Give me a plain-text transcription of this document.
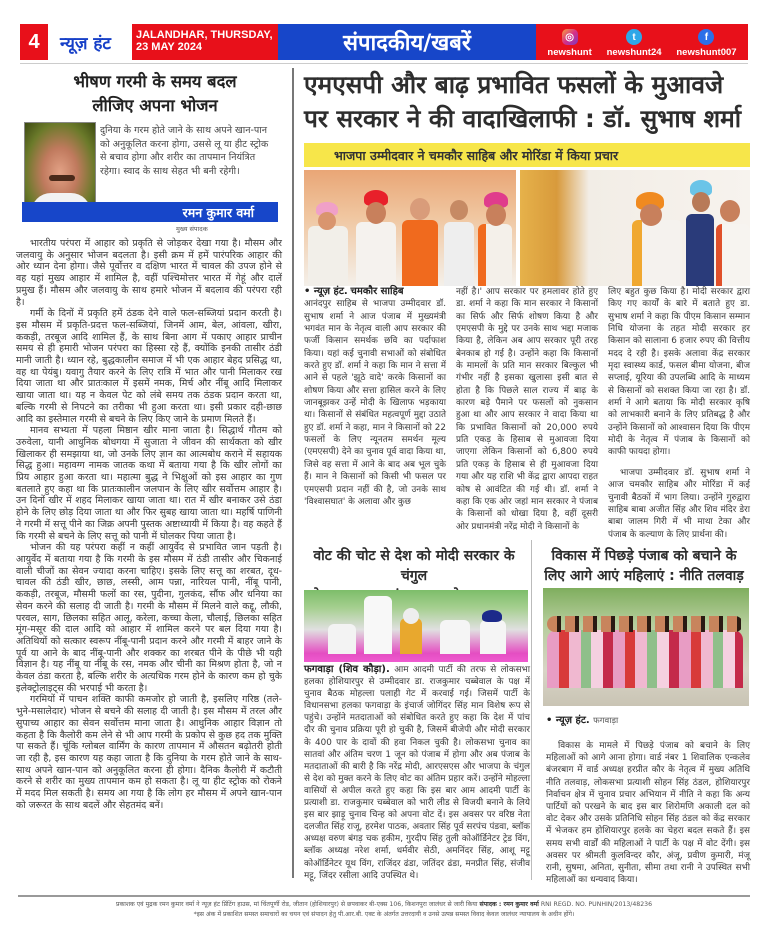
4	न्यूज़ हंट	JALANDHAR, THURSDAY,
23 MAY 2024	संपादकीय/खबरें	◎
newshunt
t
newshunt24
f
newshunt007
भीषण गरमी के समय बदल
लीजिए अपना भोजन
दुनिया के गरम होते जाने के साथ अपने खान-पान को अनुकूलित करना होगा, उससे लू या हीट स्ट्रोक से बचाव होगा और शरीर का तापमान नियंत्रित रहेगा। स्वाद के साथ सेहत भी बनी रहेगी।
रमन कुमार वर्मा
मुख्य संपादक

भारतीय परंपरा में आहार को प्रकृति से जोड़कर देखा गया है। मौसम और जलवायु के अनुसार भोजन बदलता है। इसी क्रम में हमें पारंपरिक आहार की ओर ध्यान देना होगा। जैसे पूर्वोत्तर व दक्षिण भारत में चावल की उपज होने से वह यहां मुख्य आहार में शामिल है, वहीं पश्चिमोत्तर भारत में गेहूं और दालें प्रमुख हैं। मौसम और जलवायु के साथ हमारे भोजन में बदलाव की परंपरा रही है।

गर्मी के दिनों में प्रकृति हमें ठंडक देने वाले फल-सब्जियां प्रदान करती है। इस मौसम में प्रकृति-प्रदत्त फल-सब्जियां, जिनमें आम, बेल, आंवला, खीरा, ककड़ी, तरबूज आदि शामिल हैं, के साथ बिना आग में पकाए आहार प्राचीन समय से ही हमारी भोजन परंपरा का हिस्सा रहे हैं, क्योंकि इनकी तासीर ठंडी मानी जाती है। ध्यान रहे, बुद्धकालीन समाज में भी एक आहार बेहद प्रसिद्ध था, वह था पेयंबु। यवागु तैयार करने के लिए रात्रि में भात और पानी मिलाकर रख दिया जाता था और प्रातःकाल में इसमें नमक, मिर्च और नींबू आदि मिलाकर खाया जाता था। यह न केवल पेट को लंबे समय तक ठंडक प्रदान करता था, बल्कि गरमी से निपटने का तरीका भी हुआ करता था। इसी प्रकार दही-छाछ आदि का इस्तेमाल गरमी से बचने के लिए किए जाने के प्रमाण मिलते हैं।

मानव सभ्यता में पहला मिष्ठान खीर माना जाता है। सिद्धार्थ गौतम को उरुवेला, यानी आधुनिक बोधगया में सुजाता ने जीवन की सार्थकता को खीर खिलाकर ही समझाया था, जो उनके लिए ज्ञान का आत्मबोध कराने में सहायक सिद्ध हुआ। महावग्ग नामक जातक कथा में बताया गया है कि खीर लोगों का प्रिय आहार हुआ करता था। महात्मा बुद्ध ने भिक्षुओं को इस आहार का गुण बतलाते हुए कहा था कि प्रातःकालीन जलपान के लिए खीर सर्वोत्तम आहार है। उन दिनों खीर में शहद मिलाकर खाया जाता था। रात में खीर बनाकर उसे ठंडा होने के लिए छोड़ दिया जाता था और फिर सुबह खाया जाता था। महर्षि पाणिनी ने गरमी में सत्तू पीने का जिक्र अपनी पुस्तक अष्टाध्यायी में किया है। वह कहते हैं कि गरमी से बचने के लिए सत्तू को पानी में घोलकर पिया जाता है।

भोजन की यह परंपरा कहीं न कहीं आयुर्वेद से प्रभावित जान पड़ती है। आयुर्वेद में बताया गया है कि गरमी के इस मौसम में ठंडी तासीर और चिकनाई वाली चीजों का सेवन ज्यादा करना चाहिए। इसके लिए सत्तू का शरबत, दूध-चावल की ठंडी खीर, छाछ, लस्सी, आम पन्ना, नारियल पानी, नींबू पानी, ककड़ी, तरबूज, मौसमी फलों का रस, पुदीना, गुलकंद, सौंफ और धनिया का सेवन करने की सलाह दी जाती है। गरमी के मौसम में मिलने वाले कद्दू, लौकी, परवल, साग, छिलका सहित आलू, करेला, कच्चा केला, चौलाई, छिलका सहित मूंग-मसूर की दाल आदि को आहार में शामिल करने पर बल दिया गया है। अतिथियों को सत्कार स्वरूप नींबू-पानी प्रदान करने और गरमी में बाहर जाने के पूर्व या आने के बाद नींबू-पानी और शक्कर का शरबत पीने के पीछे भी यही विज्ञान है। यह नींबू या नींबू के रस, नमक और चीनी का मिश्रण होता है, जो न केवल ठंडा करता है, बल्कि शरीर के अत्यधिक गरम होने के कारण कम हो चुके इलेक्ट्रोलाइट्स की भरपाई भी करता है।

गरमियों में पाचन शक्ति काफी कमजोर हो जाती है, इसलिए गरिष्ठ (तले-भुने-मसालेदार) भोजन से बचने की सलाह दी जाती है। इस मौसम में तरल और सुपाच्य आहार का सेवन सर्वोत्तम माना जाता है। आधुनिक आहार विज्ञान तो कहता है कि कैलोरी कम लेने से भी आप गरमी के प्रकोप से कुछ हद तक मुक्ति पा सकते हैं। चूंकि ग्लोबल वार्मिंग के कारण तापमान में औसतन बढ़ोतरी होती जा रही है, इस कारण यह कहा जाता है कि दुनिया के गरम होते जाने के साथ-साथ अपने खान-पान को अनुकूलित करना ही होगा। दैनिक कैलोरी में कटौती करने से शरीर का मुख्य तापमान कम हो सकता है। लू या हीट स्ट्रोक को रोकने में मदद मिल सकती है। समय आ गया है कि लोग हर मौसम में अपने खान-पान को जरूरत के साथ बदलें और सेहतमंद बनें।

एमएसपी और बाढ़ प्रभावित फसलों के मुआवजे
पर सरकार ने की वादाखिलाफी : डॉ. सुभाष शर्मा
भाजपा उम्मीदवार ने चमकौर साहिब और मोरिंडा में किया प्रचार
• न्यूज़ हंट. चमकौर साहिब
आनंदपुर साहिब से भाजपा उम्मीदवार डॉ. सुभाष शर्मा ने आज पंजाब में मुख्यमंत्री भगवंत मान के नेतृत्व वाली आप सरकार की फर्जी किसान समर्थक छवि का पर्दाफाश किया। यहां कई चुनावी सभाओं को संबोधित करते हुए डॉ. शर्मा ने कहा कि मान ने सत्ता में आने से पहले 'झूठे वादे' करके किसानों का शोषण किया और सत्ता हासिल करने के लिए जानबूझकर उन्हें मोदी के खिलाफ भड़काया था। किसानों से संबंधित महत्वपूर्ण मुद्दा उठाते हुए डॉ. शर्मा ने कहा, मान ने किसानों को 22 फसलों के लिए न्यूनतम समर्थन मूल्य (एमएसपी) देने का चुनाव पूर्व वादा किया था, जिसे वह सत्ता में आने के बाद अब भूल चुके हैं। मान ने किसानों को किसी भी फसल पर एमएसपी प्रदान नहीं की है, जो उनके साथ 'विश्वासघात' के अलावा और कुछ
नहीं है।' आप सरकार पर हमलावर होते हुए डा. शर्मा ने कहा कि मान सरकार ने किसानों का सिर्फ और सिर्फ शोषण किया है और एमएसपी के मुद्दे पर उनके साथ भद्दा मजाक किया है, लेकिन अब आप सरकार पूरी तरह बेनकाब हो गई है। उन्होंने कहा कि किसानों के मामलों के प्रति मान सरकार बिल्कुल भी गंभीर नहीं है इसका खुलासा इसी बात से होता है कि पिछले साल राज्य में बाढ़ के कारण बड़े पैमाने पर फसलों को नुकसान हुआ था और आप सरकार ने वादा किया था कि प्रभावित किसानों को 20,000 रुपये प्रति एकड़ के हिसाब से मुआवजा दिया जाएगा लेकिन किसानों को 6,800 रुपये प्रति एकड़ के हिसाब से ही मुआवजा दिया गया और यह राशि भी केंद्र द्वारा आपदा राहत कोष से आवंटित की गई थी। डॉ. शर्मा ने कहा कि एक ओर जहां मान सरकार ने पंजाब के किसानों को धोखा दिया है, वहीं दूसरी ओर प्रधानमंत्री नरेंद्र मोदी ने किसानों के
लिए बहुत कुछ किया है। मोदी सरकार द्वारा किए गए कार्यों के बारे में बताते हुए डा. सुभाष शर्मा ने कहा कि पीएम किसान सम्मान निधि योजना के तहत मोदी सरकार हर किसान को सालाना 6 हजार रुपए की वित्तीय मदद दे रही है। इसके अलावा केंद्र सरकार मृदा स्वास्थ्य कार्ड, फसल बीमा योजना, बीज सप्लाई, यूरिया की उपलब्धि आदि के माध्यम से किसानों को सशक्त किया जा रहा है। डॉ. शर्मा ने आगे बताया कि मोदी सरकार कृषि को लाभकारी बनाने के लिए प्रतिबद्ध है और उन्होंने किसानों को आश्वासन दिया कि पीएम मोदी के नेतृत्व में पंजाब के किसानों को काफी फायदा होगा।
भाजपा उम्मीदवार डॉ. सुभाष शर्मा ने आज चमकौर साहिब और मोरिंडा में कई चुनावी बैठकों में भाग लिया। उन्होंने गुरुद्वारा साहिब बाबा अजीत सिंह और शिव मंदिर डेरा बाबा जालम गिरी में भी माथा टेका और पंजाब के कल्याण के लिए प्रार्थना की।
वोट की चोट से देश को मोदी सरकार के चंगुल
फगवाड़ा (शिव कौड़ा). आम आदमी पार्टी की तरफ से लोकसभा हलका होशियारपुर से उम्मीदवार डा. राजकुमार चब्बेवाल के पक्ष में चुनाव बैठक मोहल्ला पलाही गेट में करवाई गई। जिसमें पार्टी के विधानसभा हलका फगवाड़ा के इंचार्ज जोगिंदर सिंह मान विशेष रूप से पहुंचे। उन्होंने मतदाताओं को संबोधित करते हुए कहा कि देश में पांच दौर की चुनाव प्रक्रिया पूरी हो चुकी है, जिसमें बीजेपी और मोदी सरकार के 400 पार के दावों की हवा निकल चुकी है। लोकसभा चुनाव का सातवां और अंतिम चरण 1 जून को पंजाब में होगा और अब पंजाब के मतदाताओं की बारी है कि नरेंद्र मोदी, आरएसएस और भाजपा के चंगुल से देश को मुक्त करने के लिए वोट का अंतिम प्रहार करें। उन्होंने मोहल्ला वासियों से अपील करते हुए कहा कि इस बार आम आदमी पार्टी के प्रत्याशी डा. राजकुमार चब्बेवाल को भारी लीड से विजयी बनाने के लिये इस बार झाड़ू चुनाव चिन्ह को अपना वोट दें। इस अवसर पर वरिष्ठ नेता दलजीत सिंह राजू, हरमेश पाठक, अवतार सिंह पूर्व सरपंच पंडवा, ब्लॉक अध्यक्ष वरुण बंगड़ चक हकीम, गुरदीप सिंह तुली कोऑर्डिनेटर ट्रेड विंग, ब्लॉक अध्यक्ष नरेश शर्मा, धर्मवीर सेठी, अमनिंदर सिंह, आशू मट्टू कोऑर्डिनेटर यूथ विंग, राजिंदर ढंडा, जतिंदर ढंडा, मनप्रीत सिंह, संजीव मट्टू, जिंदर रसीला आदि उपस्थित थे।
विकास में पिछड़े पंजाब को बचाने के
लिए आगे आएं महिलाएं : नीति तलवाड़
• न्यूज़ हंट. फगवाड़ा
विकास के मामले में पिछड़े पंजाब को बचाने के लिए महिलाओं को आगे आना होगा। वार्ड नंबर 1 शिवालिक एन्कलेव बंजरबाग में वार्ड अध्यक्ष हरप्रीत कौर के नेतृत्व में मुख्य अतिथि नीति तलवाड़, लोकसभा प्रत्याशी सोहन सिंह ठंडल, होशियारपुर निर्वाचन क्षेत्र में चुनाव प्रचार अभियान में नीति ने कहा कि अन्य पार्टियों को परखने के बाद इस बार शिरोमणि अकाली दल को वोट देकर और उसके प्रतिनिधि सोहन सिंह ठंडल को केंद्र सरकार में भेजकर हम होशियारपुर हलके का चेहरा बदल सकते हैं। इस समय सभी वार्डों की महिलाओं ने पार्टी के पक्ष में वोट देंगी। इस अवसर पर श्रीमती कुलविन्दर कौर, अंजू, प्रवीण कुमारी, मंजू रानी, सुषमा, अनिता, सुनीता, सीमा तथा रानी ने उपस्थित सभी महिलाओं का धन्यवाद किया।
प्रकाशक एवं मुद्रक रमन कुमार वर्मा ने न्यूज़ हंट प्रिंटिंग हाउस, मां चिंतपूर्णी रोड, जीतान (होशियारपुर) से छपवाकर बी-एक्स 106, किशनपुरा जालंधर से जारी किया संपादक : रमन कुमार वर्मा RNI REGD. NO. PUNHIN/2013/48236
*इस अंक में प्रकाशित समस्त समाचारों का चयन एवं संपादन हेतु पी.आर.बी. एक्ट के अंतर्गत उत्तरदायी व उनसे उत्पन्न समस्त विवाद केवल जालंधर न्यायालय के अधीन होंगे।
